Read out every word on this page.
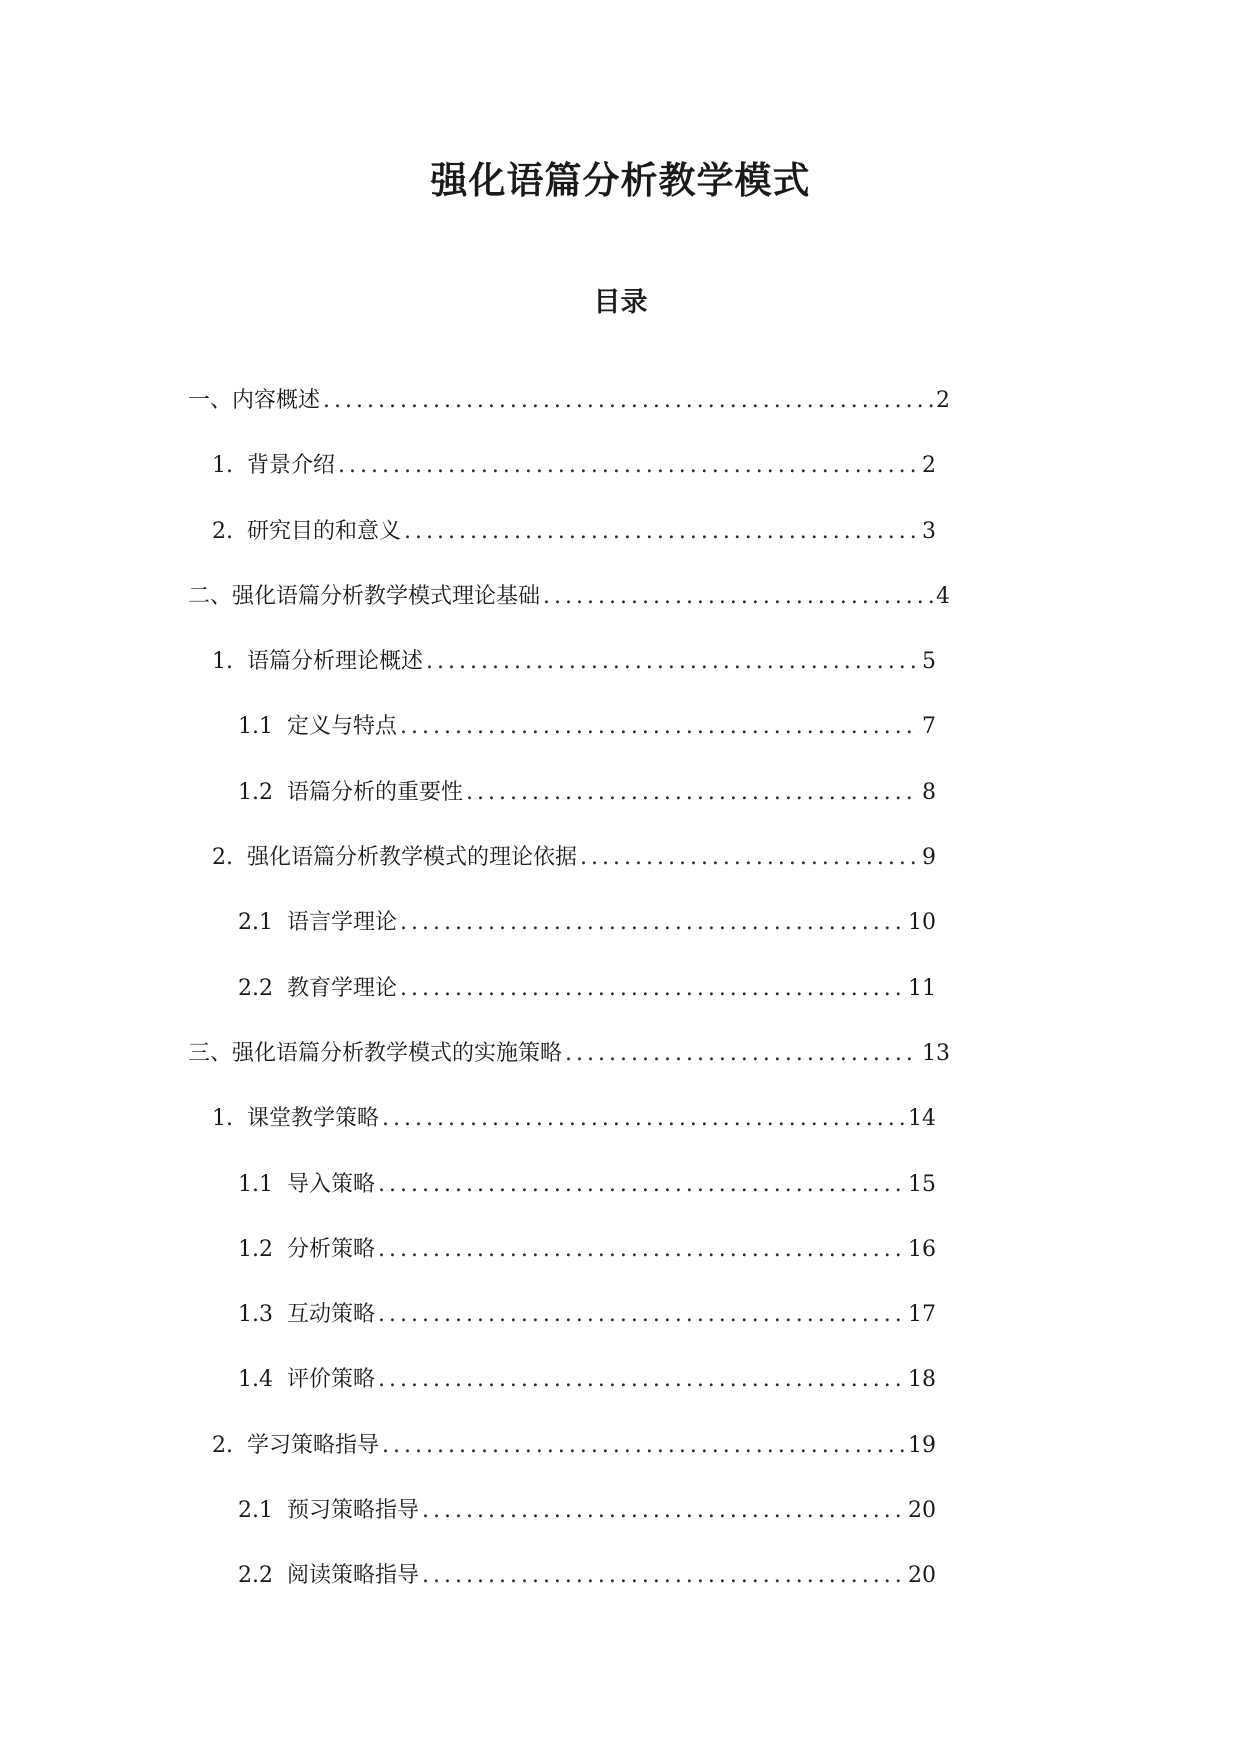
强化语篇分析教学模式
目录
一、 内容概述 .....	2
1. 背景介绍 .....	2
2. 研究目的和意义 .....	3
二、 强化语篇分析教学模式理论基础 .....	4
1. 语篇分析理论概述 .....	5
1.1 定义与特点 .....	7
1.2 语篇分析的重要性 .....	8
2. 强化语篇分析教学模式的理论依据 .....	9
2.1 语言学理论 .....	10
2.2 教育学理论 .....	11
三、 强化语篇分析教学模式的实施策略 .....	13
1. 课堂教学策略 .....	14
1.1 导入策略 .....	15
1.2 分析策略 .....	16
1.3 互动策略 .....	17
1.4 评价策略 .....	18
2. 学习策略指导 .....	19
2.1 预习策略指导 .....	20
2.2 阅读策略指导 .....	20
